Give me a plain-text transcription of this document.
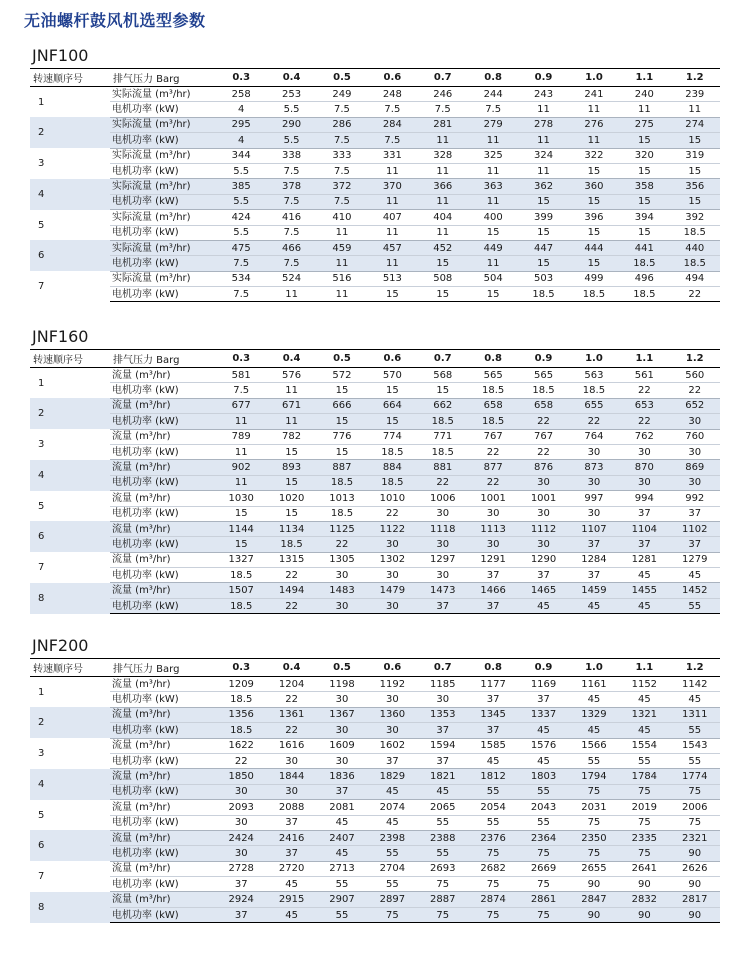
无油螺杆鼓风机选型参数
JNF100
转速顺序号	排气压力 Barg	0.3	0.4	0.5	0.6	0.7	0.8	0.9	1.0	1.1	1.2
1	实际流量 (m³/hr)	258	253	249	248	246	244	243	241	240	239
	电机功率 (kW)	4	5.5	7.5	7.5	7.5	7.5	11	11	11	11
2	实际流量 (m³/hr)	295	290	286	284	281	279	278	276	275	274
	电机功率 (kW)	4	5.5	7.5	7.5	11	11	11	11	15	15
3	实际流量 (m³/hr)	344	338	333	331	328	325	324	322	320	319
	电机功率 (kW)	5.5	7.5	7.5	11	11	11	11	15	15	15
4	实际流量 (m³/hr)	385	378	372	370	366	363	362	360	358	356
	电机功率 (kW)	5.5	7.5	7.5	11	11	11	15	15	15	15
5	实际流量 (m³/hr)	424	416	410	407	404	400	399	396	394	392
	电机功率 (kW)	5.5	7.5	11	11	11	15	15	15	15	18.5
6	实际流量 (m³/hr)	475	466	459	457	452	449	447	444	441	440
	电机功率 (kW)	7.5	7.5	11	11	15	11	15	15	18.5	18.5
7	实际流量 (m³/hr)	534	524	516	513	508	504	503	499	496	494
	电机功率 (kW)	7.5	11	11	15	15	15	18.5	18.5	18.5	22
JNF160
转速顺序号	排气压力 Barg	0.3	0.4	0.5	0.6	0.7	0.8	0.9	1.0	1.1	1.2
1	流量 (m³/hr)	581	576	572	570	568	565	565	563	561	560
	电机功率 (kW)	7.5	11	15	15	15	18.5	18.5	18.5	22	22
2	流量 (m³/hr)	677	671	666	664	662	658	658	655	653	652
	电机功率 (kW)	11	11	15	15	18.5	18.5	22	22	22	30
3	流量 (m³/hr)	789	782	776	774	771	767	767	764	762	760
	电机功率 (kW)	11	15	15	18.5	18.5	22	22	30	30	30
4	流量 (m³/hr)	902	893	887	884	881	877	876	873	870	869
	电机功率 (kW)	11	15	18.5	18.5	22	22	30	30	30	30
5	流量 (m³/hr)	1030	1020	1013	1010	1006	1001	1001	997	994	992
	电机功率 (kW)	15	15	18.5	22	30	30	30	30	37	37
6	流量 (m³/hr)	1144	1134	1125	1122	1118	1113	1112	1107	1104	1102
	电机功率 (kW)	15	18.5	22	30	30	30	30	37	37	37
7	流量 (m³/hr)	1327	1315	1305	1302	1297	1291	1290	1284	1281	1279
	电机功率 (kW)	18.5	22	30	30	30	37	37	37	45	45
8	流量 (m³/hr)	1507	1494	1483	1479	1473	1466	1465	1459	1455	1452
	电机功率 (kW)	18.5	22	30	30	37	37	45	45	45	55
JNF200
转速顺序号	排气压力 Barg	0.3	0.4	0.5	0.6	0.7	0.8	0.9	1.0	1.1	1.2
1	流量 (m³/hr)	1209	1204	1198	1192	1185	1177	1169	1161	1152	1142
	电机功率 (kW)	18.5	22	30	30	30	37	37	45	45	45
2	流量 (m³/hr)	1356	1361	1367	1360	1353	1345	1337	1329	1321	1311
	电机功率 (kW)	18.5	22	30	30	37	37	45	45	45	55
3	流量 (m³/hr)	1622	1616	1609	1602	1594	1585	1576	1566	1554	1543
	电机功率 (kW)	22	30	30	37	37	45	45	55	55	55
4	流量 (m³/hr)	1850	1844	1836	1829	1821	1812	1803	1794	1784	1774
	电机功率 (kW)	30	30	37	45	45	55	55	75	75	75
5	流量 (m³/hr)	2093	2088	2081	2074	2065	2054	2043	2031	2019	2006
	电机功率 (kW)	30	37	45	45	55	55	55	75	75	75
6	流量 (m³/hr)	2424	2416	2407	2398	2388	2376	2364	2350	2335	2321
	电机功率 (kW)	30	37	45	55	55	75	75	75	75	90
7	流量 (m³/hr)	2728	2720	2713	2704	2693	2682	2669	2655	2641	2626
	电机功率 (kW)	37	45	55	55	75	75	75	90	90	90
8	流量 (m³/hr)	2924	2915	2907	2897	2887	2874	2861	2847	2832	2817
	电机功率 (kW)	37	45	55	75	75	75	75	90	90	90
